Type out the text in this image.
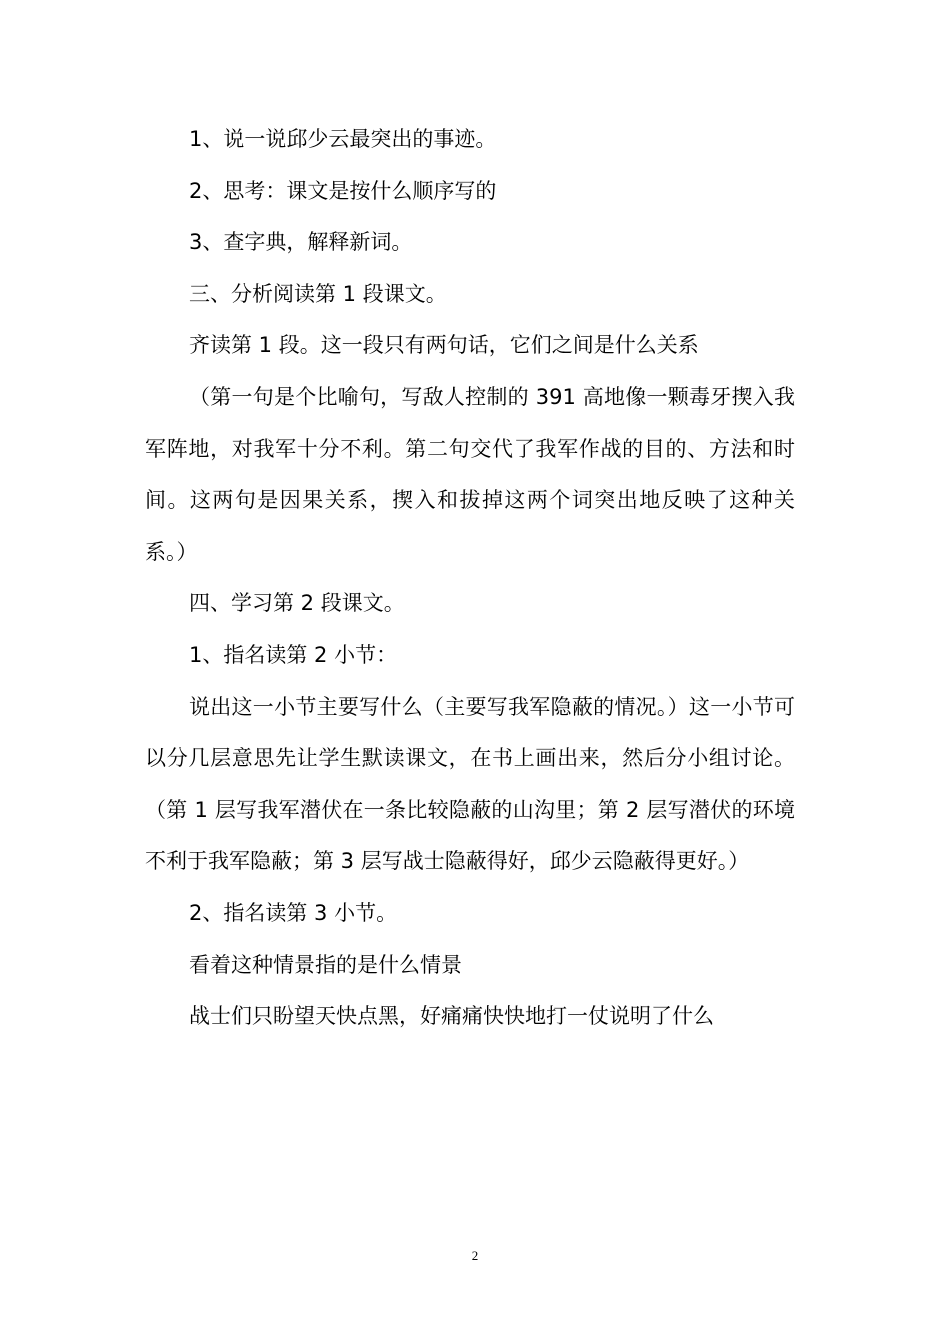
1、说一说邱少云最突出的事迹。

2、思考：课文是按什么顺序写的

3、查字典，解释新词。

三、分析阅读第 1 段课文。

齐读第 1 段。这一段只有两句话，它们之间是什么关系

（第一句是个比喻句，写敌人控制的 391 高地像一颗毒牙揳入我军阵地，对我军十分不利。第二句交代了我军作战的目的、方法和时间。这两句是因果关系，揳入和拔掉这两个词突出地反映了这种关系。）

四、学习第 2 段课文。

1、指名读第 2 小节：

说出这一小节主要写什么（主要写我军隐蔽的情况。）这一小节可以分几层意思先让学生默读课文，在书上画出来，然后分小组讨论。（第 1 层写我军潜伏在一条比较隐蔽的山沟里；第 2 层写潜伏的环境不利于我军隐蔽；第 3 层写战士隐蔽得好，邱少云隐蔽得更好。）

2、指名读第 3 小节。

看着这种情景指的是什么情景

战士们只盼望天快点黑，好痛痛快快地打一仗说明了什么

2
